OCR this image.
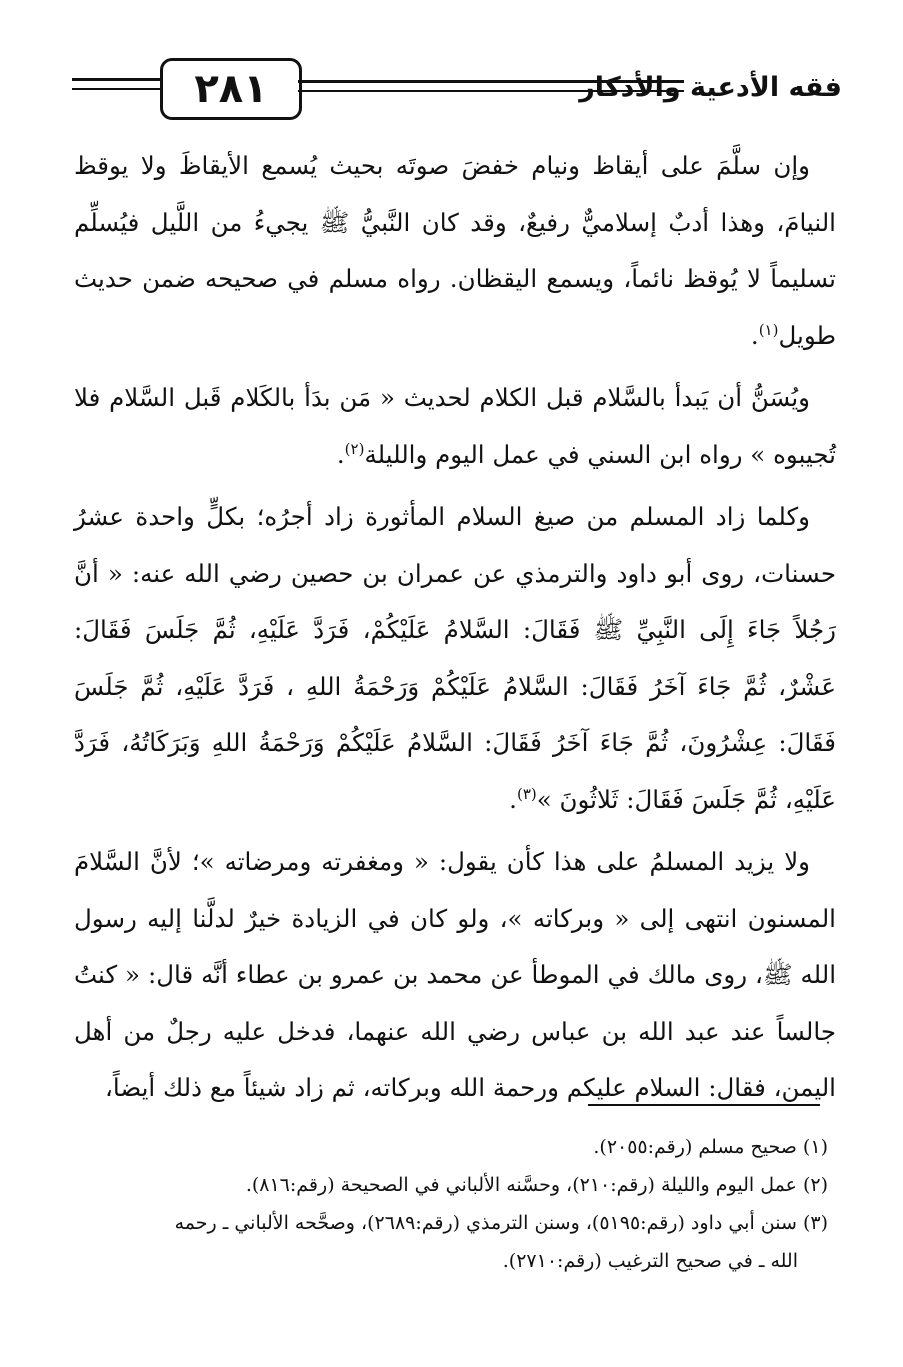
٢٨١	فقه الأدعية والأذكار

وإن سلَّمَ على أيقاظ ونيام خفضَ صوتَه بحيث يُسمع الأيقاظَ ولا يوقظ النيامَ، وهذا أدبٌ إسلاميٌّ رفيعٌ، وقد كان النَّبيُّ ﷺ يجيءُ من اللَّيل فيُسلِّم تسليماً لا يُوقظ نائماً، ويسمع اليقظان. رواه مسلم في صحيحه ضمن حديث طويل$^{(١)}$.

ويُسَنُّ أن يَبدأ بالسَّلام قبل الكلام لحديث « مَن بدَأ بالكَلام قَبل السَّلام فلا تُجيبوه » رواه ابن السني في عمل اليوم والليلة$^{(٢)}$.

وكلما زاد المسلم من صيغ السلام المأثورة زاد أجرُه؛ بكلٍّ واحدة عشرُ حسنات، روى أبو داود والترمذي عن عمران بن حصين رضي الله عنه: « أنَّ رَجُلاً جَاءَ إِلَى النَّبِيِّ ﷺ فَقَالَ: السَّلامُ عَلَيْكُمْ، فَرَدَّ عَلَيْهِ، ثُمَّ جَلَسَ فَقَالَ: عَشْرٌ، ثُمَّ جَاءَ آخَرُ فَقَالَ: السَّلامُ عَلَيْكُمْ وَرَحْمَةُ اللهِ ، فَرَدَّ عَلَيْهِ، ثُمَّ جَلَسَ فَقَالَ: عِشْرُونَ، ثُمَّ جَاءَ آخَرُ فَقَالَ: السَّلامُ عَلَيْكُمْ وَرَحْمَةُ اللهِ وَبَرَكَاتُهُ، فَرَدَّ عَلَيْهِ، ثُمَّ جَلَسَ فَقَالَ: ثَلاثُونَ »$^{(٣)}$.

ولا يزيد المسلمُ على هذا كأن يقول: « ومغفرته ومرضاته »؛ لأنَّ السَّلامَ المسنون انتهى إلى « وبركاته »، ولو كان في الزيادة خيرٌ لدلَّنا إليه رسول الله ﷺ، روى مالك في الموطأ عن محمد بن عمرو بن عطاء أنَّه قال: « كنتُ جالساً عند عبد الله بن عباس رضي الله عنهما، فدخل عليه رجلٌ من أهل اليمن، فقال: السلام عليكم ورحمة الله وبركاته، ثم زاد شيئاً مع ذلك أيضاً،

(١) صحيح مسلم (رقم:٢٠٥٥).

(٢) عمل اليوم والليلة (رقم:٢١٠)، وحسَّنه الألباني في الصحيحة (رقم:٨١٦).

(٣) سنن أبي داود (رقم:٥١٩٥)، وسنن الترمذي (رقم:٢٦٨٩)، وصحَّحه الألباني ـ رحمه

الله ـ في صحيح الترغيب (رقم:٢٧١٠).
